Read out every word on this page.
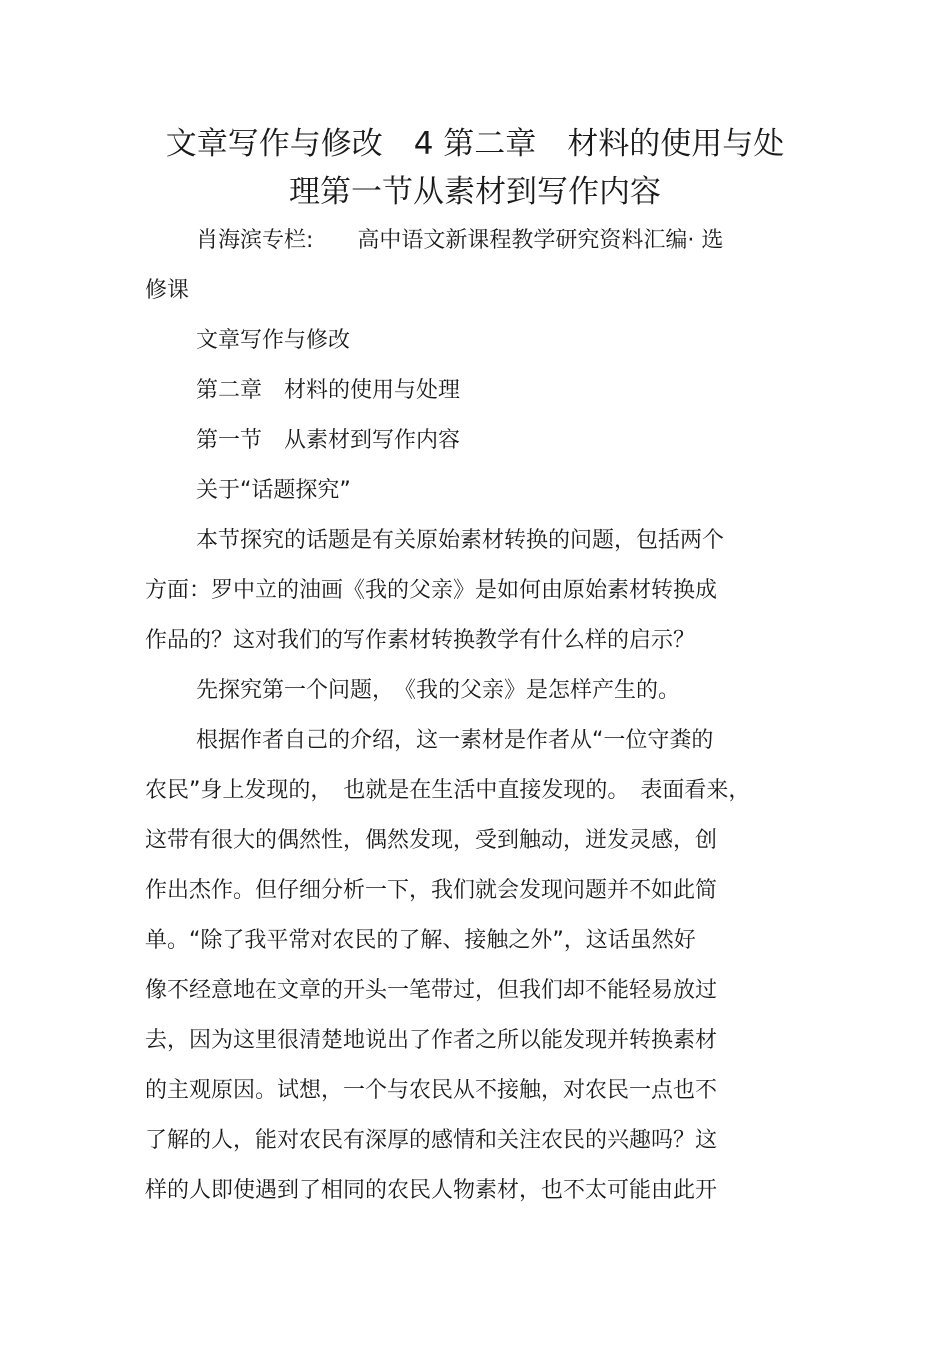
文章写作与修改　4 第二章　材料的使用与处
理第一节从素材到写作内容

肖海滨专栏:　　高中语文新课程教学研究资料汇编· 选

修课

文章写作与修改

第二章　材料的使用与处理

第一节　从素材到写作内容

关于“话题探究”

本节探究的话题是有关原始素材转换的问题，包括两个

方面：罗中立的油画《我的父亲》是如何由原始素材转换成

作品的？这对我们的写作素材转换教学有什么样的启示？

先探究第一个问题，　《我的父亲》是怎样产生的。

根据作者自己的介绍，这一素材是作者从“一位守粪的

农民”身上发现的，　也就是在生活中直接发现的。　表面看来，

这带有很大的偶然性，偶然发现，受到触动，迸发灵感，创

作出杰作。但仔细分析一下，我们就会发现问题并不如此简

单。“除了我平常对农民的了解、接触之外”，这话虽然好

像不经意地在文章的开头一笔带过，但我们却不能轻易放过

去，因为这里很清楚地说出了作者之所以能发现并转换素材

的主观原因。试想，一个与农民从不接触，对农民一点也不

了解的人，能对农民有深厚的感情和关注农民的兴趣吗？这

样的人即使遇到了相同的农民人物素材，也不太可能由此开
